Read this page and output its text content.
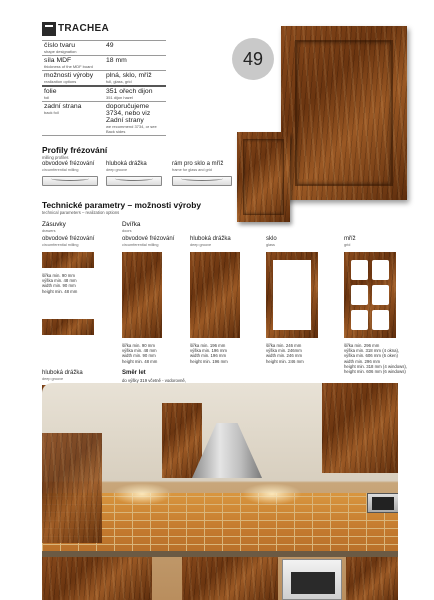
TRACHEA
číslo tvaru
shape designation	49

síla MDF
thickness of the MDF board	18 mm

možnosti výroby
realization options	plná, sklo, mříž
full, glass, grid

folie
foil	351 ořech dijon
351 dijon hazel

zadní strana
back foil	doporučujeme 3734, nebo viz Zadní strany
we recommend 3734, or see Back sides
49
Profily frézování
milling profiles
obvodové frézování
circumferential milling
hluboká drážka
deep groove
rám pro sklo a mříž
frame for glass and grid
Technické parametry – možnosti výroby
technical parameters – realization options
Zásuvky
drawers
obvodové frézování
circumferential milling
šířka min. 90 mm
výška min. 48 mm
width min. 90 mm
height min. 48 mm
hluboká drážka
deep groove
Dvířka
doors
obvodové frézování
circumferential milling
šířka min. 90 mm
výška min. 48 mm
width min. 90 mm
height min. 48 mm
hluboká drážka
deep groove
šířka min. 196 mm
výška min. 196 mm
width min. 196 mm
height min. 196 mm
sklo
glass
šířka min. 246 mm
výška min. 246mm
width min. 246 mm
height min. 246 mm
mříž
grid
šířka min. 296 mm
výška min. 318 mm (4 okna),
výška min. 606 mm (6 oken)
width min. 296 mm
height min. 318 mm (4 windows),
height min. 606 mm (6 windows)
Směr let
do výšky 319 včetně - vodorovně,
